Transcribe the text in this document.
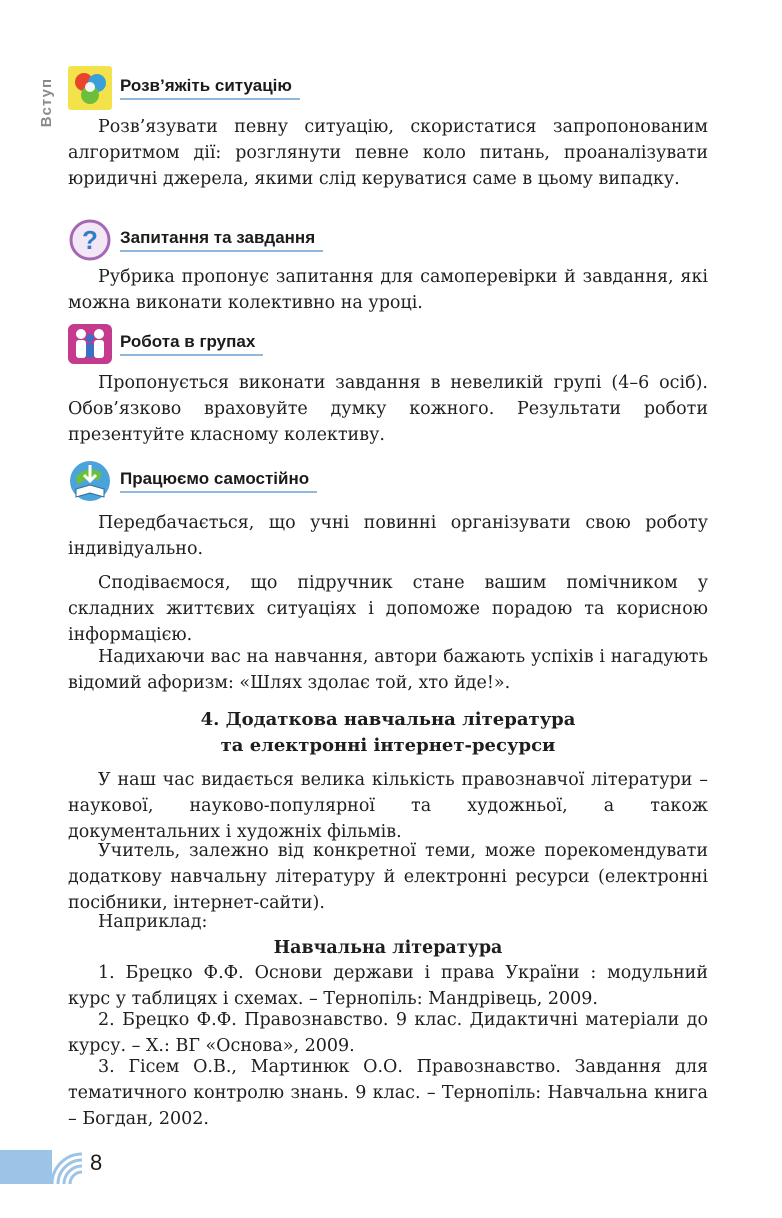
Вступ	Розв’яжіть ситуацію

Розв’язувати певну ситуацію, скористатися запропонованим алгоритмом дії: розглянути певне коло питань, проаналізувати юридичні джерела, якими слід керуватися саме в цьому випадку.

? Запитання та завдання

Рубрика пропонує запитання для самоперевірки й завдання, які можна виконати колективно на уроці.

Робота в групах

Пропонується виконати завдання в невеликій групі (4–6 осіб). Обов’язково враховуйте думку кожного. Результати роботи презентуйте класному колективу.

Працюємо самостійно

Передбачається, що учні повинні організувати свою роботу індивідуально.

Сподіваємося, що підручник стане вашим помічником у складних життєвих ситуаціях і допоможе порадою та корисною інформацією.

Надихаючи вас на навчання, автори бажають успіхів і нагадують відомий афоризм: «Шлях здолає той, хто йде!».

4. Додаткова навчальна література

та електронні інтернет-ресурси

У наш час видається велика кількість правознавчої літератури – наукової, науково-популярної та художньої, а також документальних і художніх фільмів.

Учитель, залежно від конкретної теми, може порекомендувати додаткову навчальну літературу й електронні ресурси (електронні посібники, інтернет-сайти).

Наприклад:

Навчальна література

1. Брецко Ф.Ф. Основи держави і права України : модульний курс у таблицях і схемах. – Тернопіль: Мандрівець, 2009.

2. Брецко Ф.Ф. Правознавство. 9 клас. Дидактичні матеріали до курсу. – Х.: ВГ «Основа», 2009.

3. Гісем О.В., Мартинюк О.О. Правознавство. Завдання для тематичного контролю знань. 9 клас. – Тернопіль: Навчальна книга – Богдан, 2002.

8
